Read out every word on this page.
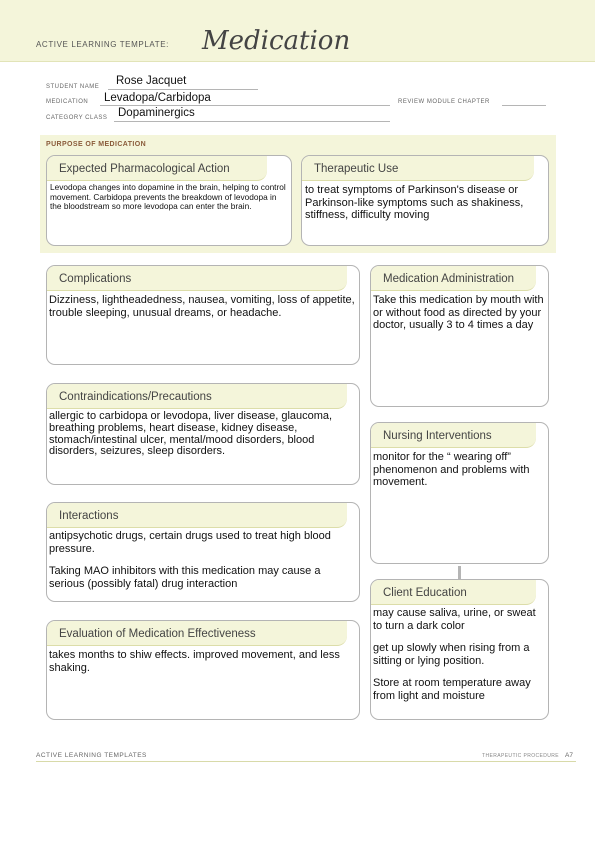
ACTIVE LEARNING TEMPLATE: Medication
STUDENT NAME Rose Jacquet
MEDICATION Levadopa/Carbidopa	REVIEW MODULE CHAPTER
CATEGORY CLASS Dopaminergics
PURPOSE OF MEDICATION
Expected Pharmacological Action
Levodopa changes into dopamine in the brain, helping to control movement. Carbidopa prevents the breakdown of levodopa in the bloodstream so more levodopa can enter the brain.
Therapeutic Use
to treat symptoms of Parkinson's disease or Parkinson-like symptoms such as shakiness, stiffness, difficulty moving
Complications
Dizziness, lightheadedness, nausea, vomiting, loss of appetite, trouble sleeping, unusual dreams, or headache.
Contraindications/Precautions
allergic to carbidopa or levodopa, liver disease, glaucoma, breathing problems, heart disease, kidney disease, stomach/intestinal ulcer, mental/mood disorders, blood disorders, seizures, sleep disorders.
Interactions

antipsychotic drugs, certain drugs used to treat high blood pressure.

Taking MAO inhibitors with this medication may cause a serious (possibly fatal) drug interaction

Evaluation of Medication Effectiveness
takes months to shiw effects. improved movement, and less shaking.
Medication Administration
Take this medication by mouth with or without food as directed by your doctor, usually 3 to 4 times a day
Nursing Interventions
monitor for the “ wearing off” phenomenon and problems with movement.
Client Education

may cause saliva, urine, or sweat to turn a dark color

get up slowly when rising from a sitting or lying position.

Store at room temperature away from light and moisture

ACTIVE LEARNING TEMPLATES	THERAPEUTIC PROCEDURE A7
